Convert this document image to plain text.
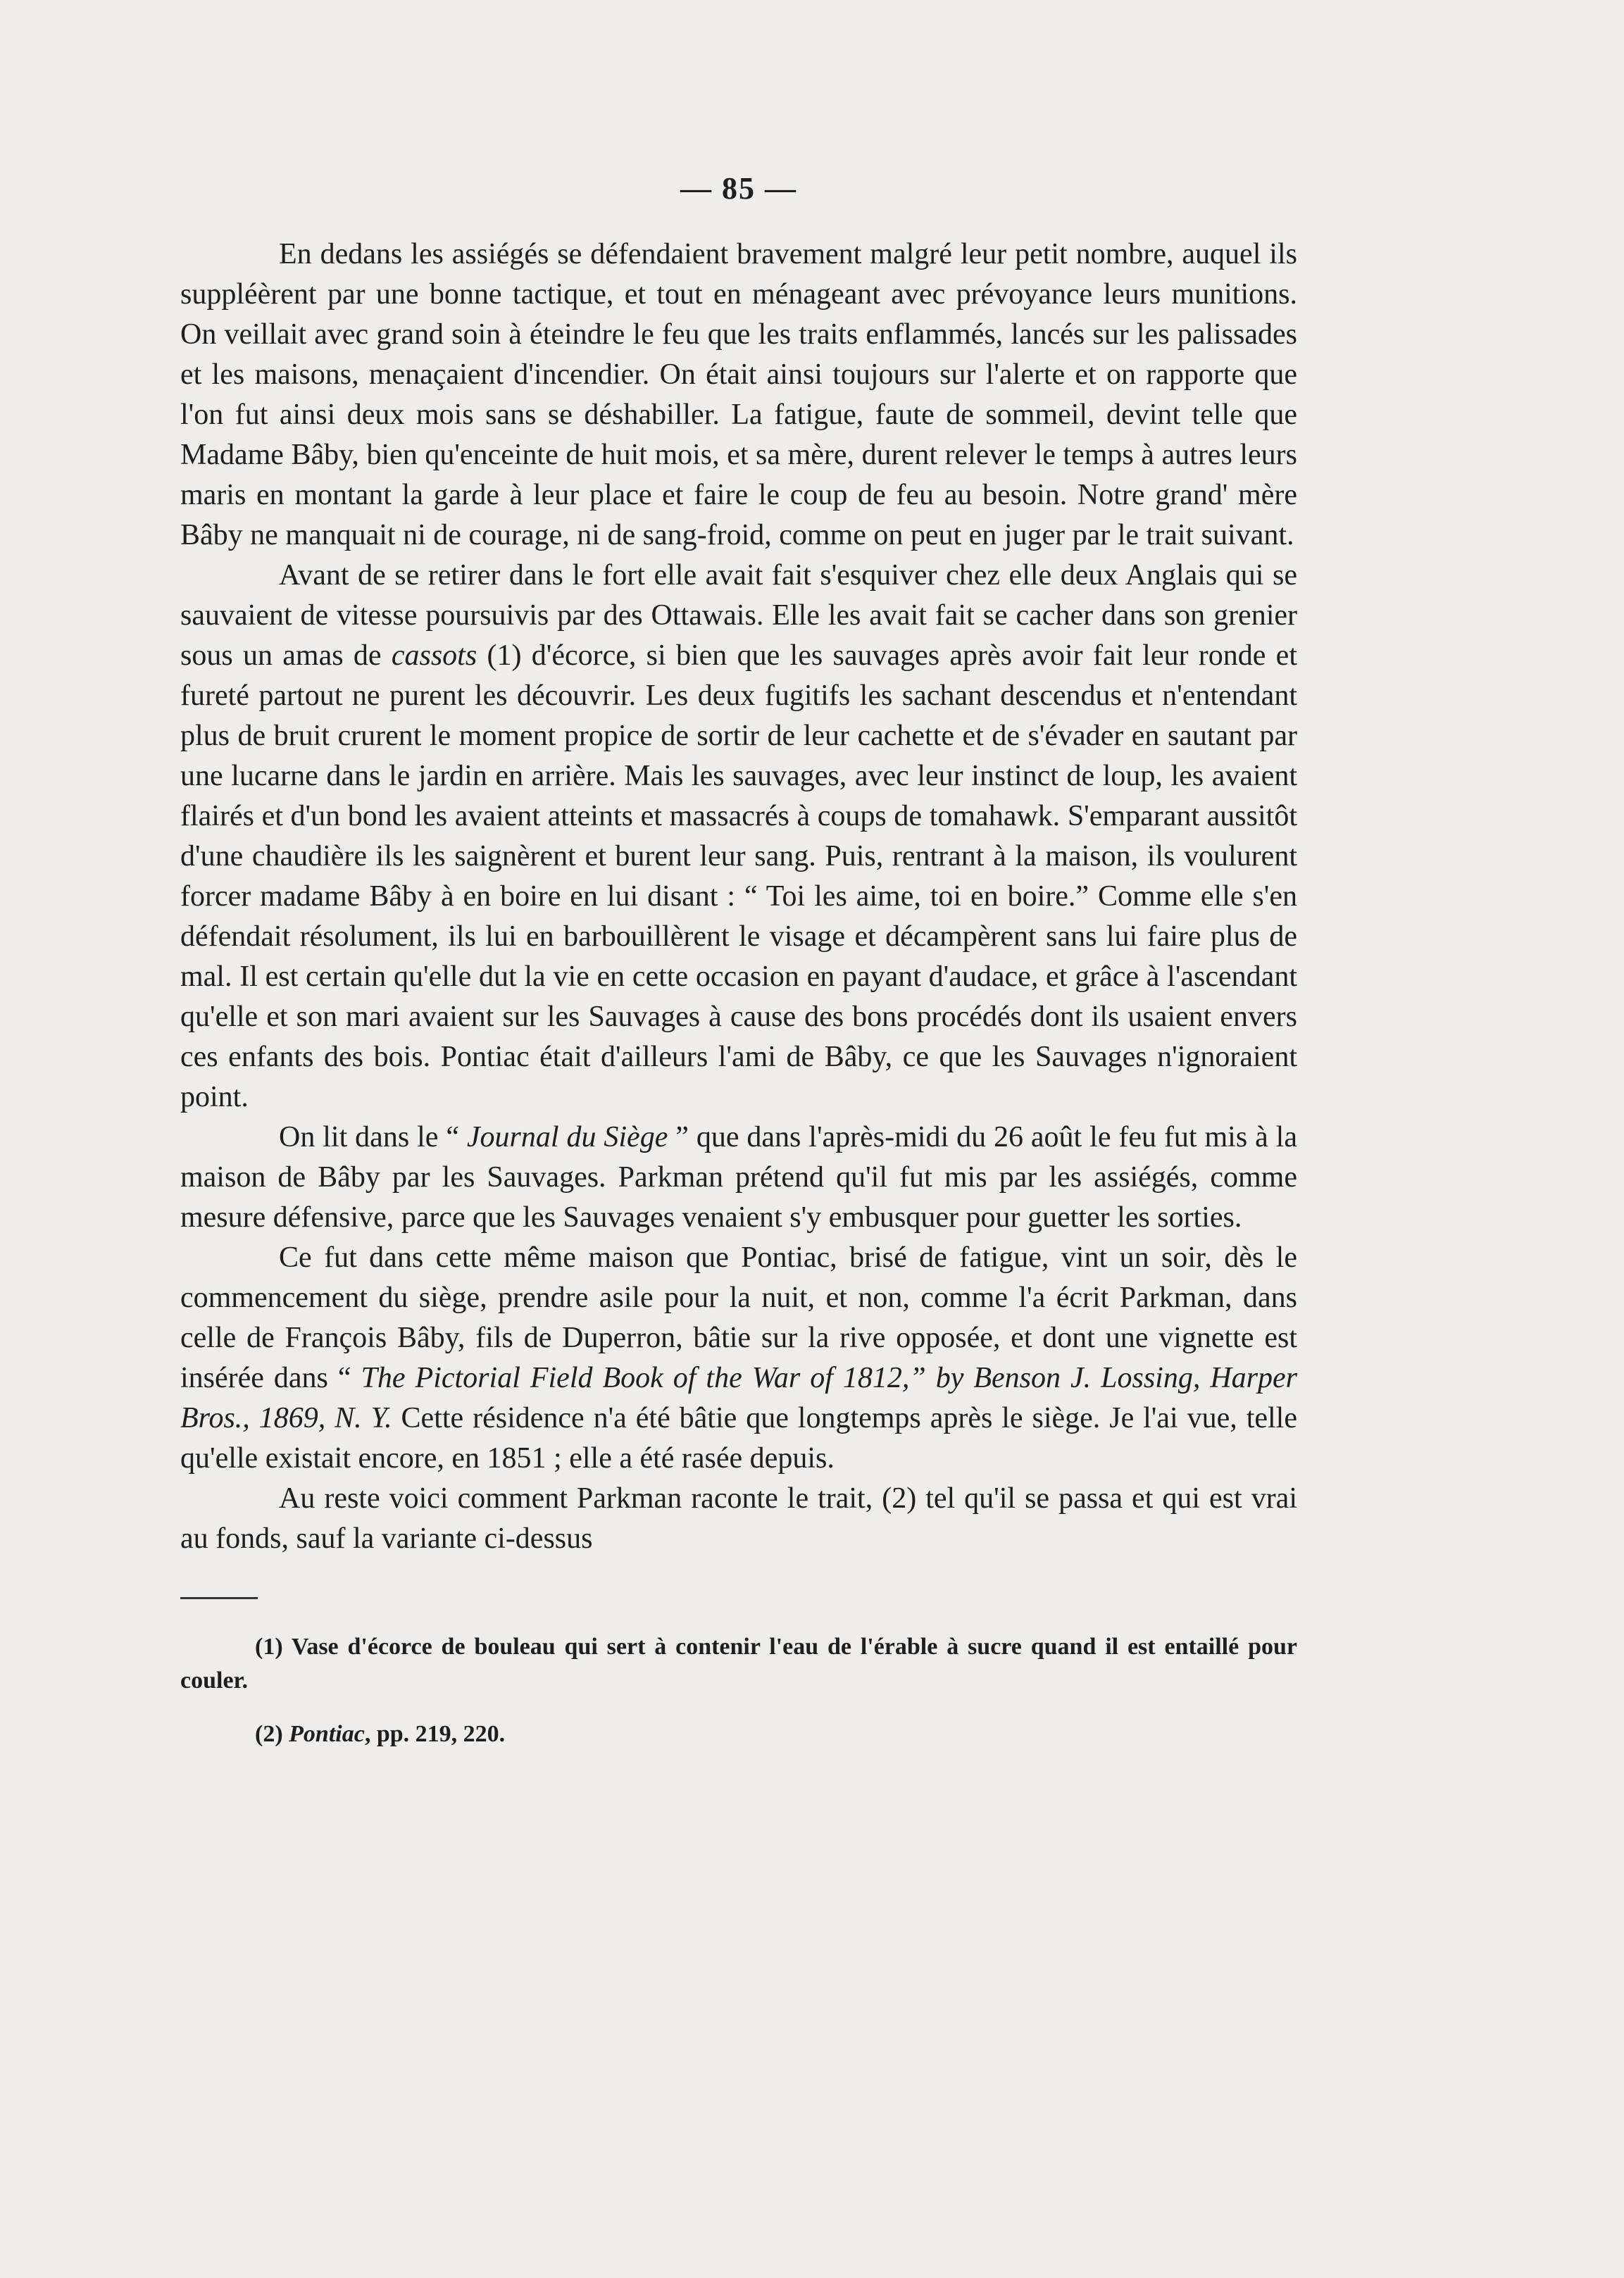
— 85 —

En dedans les assiégés se défendaient bravement malgré leur petit nombre, auquel ils suppléèrent par une bonne tactique, et tout en ménageant avec prévoyance leurs munitions. On veillait avec grand soin à éteindre le feu que les traits enflammés, lancés sur les palissades et les maisons, menaçaient d'incendier. On était ainsi toujours sur l'alerte et on rapporte que l'on fut ainsi deux mois sans se déshabiller. La fatigue, faute de sommeil, devint telle que Madame Bâby, bien qu'enceinte de huit mois, et sa mère, durent relever le temps à autres leurs maris en montant la garde à leur place et faire le coup de feu au besoin. Notre grand' mère Bâby ne manquait ni de courage, ni de sang-froid, comme on peut en juger par le trait suivant.

Avant de se retirer dans le fort elle avait fait s'esquiver chez elle deux Anglais qui se sauvaient de vitesse poursuivis par des Ottawais. Elle les avait fait se cacher dans son grenier sous un amas de cassots (1) d'écorce, si bien que les sauvages après avoir fait leur ronde et fureté partout ne purent les découvrir. Les deux fugitifs les sachant descendus et n'entendant plus de bruit crurent le moment propice de sortir de leur cachette et de s'évader en sautant par une lucarne dans le jardin en arrière. Mais les sauvages, avec leur instinct de loup, les avaient flairés et d'un bond les avaient atteints et massacrés à coups de tomahawk. S'emparant aussitôt d'une chaudière ils les saignèrent et burent leur sang. Puis, rentrant à la maison, ils voulurent forcer madame Bâby à en boire en lui disant : “ Toi les aime, toi en boire.” Comme elle s'en défendait résolument, ils lui en barbouillèrent le visage et décampèrent sans lui faire plus de mal. Il est certain qu'elle dut la vie en cette occasion en payant d'audace, et grâce à l'ascendant qu'elle et son mari avaient sur les Sauvages à cause des bons procédés dont ils usaient envers ces enfants des bois. Pontiac était d'ailleurs l'ami de Bâby, ce que les Sauvages n'ignoraient point.

On lit dans le “ Journal du Siège ” que dans l'après-midi du 26 août le feu fut mis à la maison de Bâby par les Sauvages. Parkman prétend qu'il fut mis par les assiégés, comme mesure défensive, parce que les Sauvages venaient s'y embusquer pour guetter les sorties.

Ce fut dans cette même maison que Pontiac, brisé de fatigue, vint un soir, dès le commencement du siège, prendre asile pour la nuit, et non, comme l'a écrit Parkman, dans celle de François Bâby, fils de Duperron, bâtie sur la rive opposée, et dont une vignette est insérée dans “ The Pictorial Field Book of the War of 1812,” by Benson J. Lossing, Harper Bros., 1869, N. Y. Cette résidence n'a été bâtie que longtemps après le siège. Je l'ai vue, telle qu'elle existait encore, en 1851 ; elle a été rasée depuis.

Au reste voici comment Parkman raconte le trait, (2) tel qu'il se passa et qui est vrai au fonds, sauf la variante ci-dessus

(1) Vase d'écorce de bouleau qui sert à contenir l'eau de l'érable à sucre quand il est entaillé pour couler.

(2) Pontiac, pp. 219, 220.
